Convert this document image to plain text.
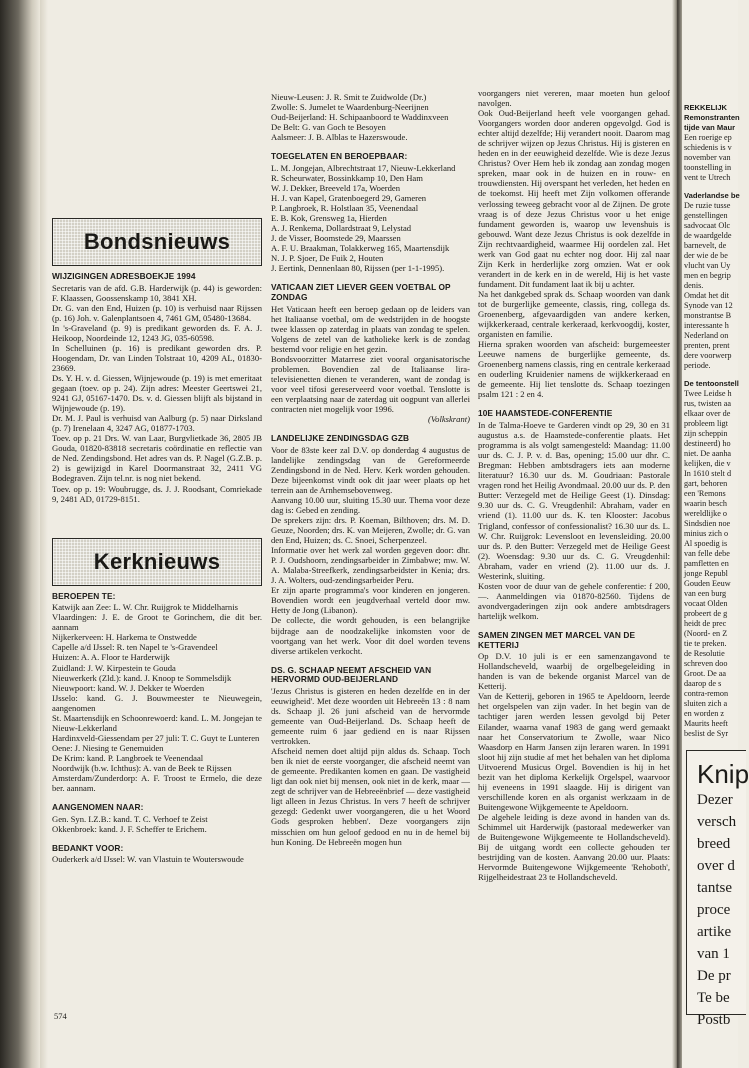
Bondsnieuws
WIJZIGINGEN ADRESBOEKJE 1994

Secretaris van de afd. G.B. Harderwijk (p. 44) is geworden: F. Klaassen, Goossenskamp 10, 3841 XH.

Dr. G. van den End, Huizen (p. 10) is verhuisd naar Rijssen (p. 16) Joh. v. Galenplantsoen 4, 7461 GM, 05480-13684.

In 's-Graveland (p. 9) is predikant geworden ds. F. A. J. Heikoop, Noordeinde 12, 1243 JG, 035-60598.

In Schelluinen (p. 16) is predikant geworden drs. P. Hoogendam, Dr. van Linden Tolstraat 10, 4209 AL, 01830-23669.

Ds. Y. H. v. d. Giessen, Wijnjewoude (p. 19) is met emeritaat gegaan (toev. op p. 24). Zijn adres: Meester Geertswei 21, 9241 GJ, 05167-1470. Ds. v. d. Giessen blijft als bijstand in Wijnjewoude (p. 19).

Dr. M. J. Paul is verhuisd van Aalburg (p. 5) naar Dirksland (p. 7) Irenelaan 4, 3247 AG, 01877-1703.

Toev. op p. 21 Drs. W. van Laar, Burgvlietkade 36, 2805 JB Gouda, 01820-83818 secretaris coördinatie en reflectie van de Ned. Zendingsbond. Het adres van ds. P. Nagel (G.Z.B. p. 2) is gewijzigd in Karel Doormanstraat 32, 2411 VG Bodegraven. Zijn tel.nr. is nog niet bekend.

Toev. op p. 19: Woubrugge, ds. J. J. Roodsant, Comriekade 9, 2481 AD, 01729-8151.

Kerknieuws
BEROEPEN TE:

Katwijk aan Zee: L. W. Chr. Ruijgrok te Middelharnis

Vlaardingen: J. E. de Groot te Gorinchem, die dit ber. aannam

Nijkerkerveen: H. Harkema te Onstwedde

Capelle a/d IJssel: R. ten Napel te 's-Gravendeel

Huizen: A. A. Floor te Harderwijk

Zuidland: J. W. Kirpestein te Gouda

Nieuwerkerk (Zld.): kand. J. Knoop te Sommelsdijk

Nieuwpoort: kand. W. J. Dekker te Woerden

IJsselo: kand. G. J. Bouwmeester te Nieuwegein, aangenomen

St. Maartensdijk en Schoonrewoerd: kand. L. M. Jongejan te Nieuw-Lekkerland

Hardinxveld-Giessendam per 27 juli: T. C. Guyt te Lunteren

Oene: J. Niesing te Genemuiden

De Krim: kand. P. Langbroek te Veenendaal

Noordwijk (b.w. Ichthus): A. van de Beek te Rijssen

Amsterdam/Zunderdorp: A. F. Troost te Ermelo, die deze ber. aannam.

AANGENOMEN NAAR:

Gen. Syn. I.Z.B.: kand. T. C. Verhoef te Zeist

Okkenbroek: kand. J. F. Scheffer te Erichem.

BEDANKT VOOR:

Ouderkerk a/d IJssel: W. van Vlastuin te Wouterswoude

Nieuw-Leusen: J. R. Smit te Zuidwolde (Dr.)

Zwolle: S. Jumelet te Waardenburg-Neerijnen

Oud-Beijerland: H. Schipaanboord te Waddinxveen

De Belt: G. van Goch te Besoyen

Aalsmeer: J. B. Alblas te Hazerswoude.

TOEGELATEN EN BEROEPBAAR:

L. M. Jongejan, Albrechtstraat 17, Nieuw-Lekkerland

R. Scheurwater, Bossinkkamp 10, Den Ham

W. J. Dekker, Breeveld 17a, Woerden

H. J. van Kapel, Gratenboegerd 29, Gameren

P. Langbroek, R. Holstlaan 35, Veenendaal

E. B. Kok, Grensweg 1a, Hierden

A. J. Renkema, Dollardstraat 9, Lelystad

J. de Visser, Boomstede 29, Maarssen

A. F. U. Braakman, Tolakkerweg 165, Maartensdijk

N. J. P. Sjoer, De Fuik 2, Houten

J. Eertink, Dennenlaan 80, Rijssen (per 1-1-1995).

VATICAAN ZIET LIEVER GEEN VOETBAL OP ZONDAG

Het Vaticaan heeft een beroep gedaan op de leiders van het Italiaanse voetbal, om de wedstrijden in de hoogste twee klassen op zaterdag in plaats van zondag te spelen. Volgens de zetel van de katholieke kerk is de zondag bestemd voor religie en het gezin.

Bondsvoorzitter Matarrese ziet vooral organisatorische problemen. Bovendien zal de Italiaanse lira-televisienetten dienen te veranderen, want de zondag is voor veel tifosi gereserveerd voor voetbal. Tenslotte is een verplaatsing naar de zaterdag uit oogpunt van allerlei contracten niet mogelijk voor 1996.

(Volkskrant)

LANDELIJKE ZENDINGSDAG GZB

Voor de 83ste keer zal D.V. op donderdag 4 augustus de landelijke zendingsdag van de Gereformeerde Zendingsbond in de Ned. Herv. Kerk worden gehouden. Deze bijeenkomst vindt ook dit jaar weer plaats op het terrein aan de Arnhemsebovenweg.

Aanvang 10.00 uur, sluiting 15.30 uur. Thema voor deze dag is: Gebed en zending.

De sprekers zijn: drs. P. Koeman, Bilthoven; drs. M. D. Geuze, Noorden; drs. K. van Meijeren, Zwolle; dr. G. van den End, Huizen; ds. C. Snoei, Scherpenzeel.

Informatie over het werk zal worden gegeven door: dhr. P. J. Oudshoorn, zendingsarbeider in Zimbabwe; mw. W. A. Malaba-Streefkerk, zendingsarbeidster in Kenia; drs. J. A. Wolters, oud-zendingsarbeider Peru.

Er zijn aparte programma's voor kinderen en jongeren. Bovendien wordt een jeugdverhaal verteld door mw. Hetty de Jong (Libanon).

De collecte, die wordt gehouden, is een belangrijke bijdrage aan de noodzakelijke inkomsten voor de voortgang van het werk. Voor dit doel worden tevens diverse artikelen verkocht.

DS. G. SCHAAP NEEMT AFSCHEID VAN HERVORMD OUD-BEIJERLAND

'Jezus Christus is gisteren en heden dezelfde en in der eeuwigheid'. Met deze woorden uit Hebreeën 13 : 8 nam ds. Schaap jl. 26 juni afscheid van de hervormde gemeente van Oud-Beijerland. Ds. Schaap heeft de gemeente ruim 6 jaar gediend en is naar Rijssen vertrokken.

Afscheid nemen doet altijd pijn aldus ds. Schaap. Toch ben ik niet de eerste voorganger, die afscheid neemt van de gemeente. Predikanten komen en gaan. De vastigheid ligt dan ook niet bij mensen, ook niet in de kerk, maar — zegt de schrijver van de Hebreeënbrief — deze vastigheid ligt alleen in Jezus Christus. In vers 7 heeft de schrijver gezegd: Gedenkt uwer voorgangeren, die u het Woord Gods gesproken hebben'. Deze voorgangers zijn misschien om hun geloof gedood en nu in de hemel bij hun Koning. De Hebreeën mogen hun

voorgangers niet vereren, maar moeten hun geloof navolgen.

Ook Oud-Beijerland heeft vele voorgangen gehad. Voorgangers worden door anderen opgevolgd. God is echter altijd dezelfde; Hij verandert nooit. Daarom mag de schrijver wijzen op Jezus Christus. Hij is gisteren en heden en in der eeuwigheid dezelfde. Wie is deze Jezus Christus? Over Hem heb ik zondag aan zondag mogen spreken, maar ook in de huizen en in rouw- en trouwdiensten. Hij overspant het verleden, het heden en de toekomst. Hij heeft met Zijn volkomen offerande verlossing teweeg gebracht voor al de Zijnen. De grote vraag is of deze Jezus Christus voor u het enige fundament geworden is, waarop uw levenshuis is gebouwd. Want deze Jezus Christus is ook dezelfde in Zijn rechtvaardigheid, waarmee Hij oordelen zal. Het werk van God gaat nu echter nog door. Hij zal naar Zijn Kerk in herderlijke zorg omzien. Wat er ook verandert in de kerk en in de wereld, Hij is het vaste fundament. Dit fundament laat ik bij u achter.

Na het dankgebed sprak ds. Schaap woorden van dank tot de burgerlijke gemeente, classis, ring, collega ds. Groenenberg, afgevaardigden van andere kerken, wijkkerkeraad, centrale kerkeraad, kerkvoogdij, koster, organisten en familie.

Hierna spraken woorden van afscheid: burgemeester Leeuwe namens de burgerlijke gemeente, ds. Groenenberg namens classis, ring en centrale kerkeraad en ouderling Kruidenier namens de wijkkerkeraad en de gemeente. Hij liet tenslotte ds. Schaap toezingen psalm 121 : 2 en 4.

10E HAAMSTEDE-CONFERENTIE

In de Talma-Hoeve te Garderen vindt op 29, 30 en 31 augustus a.s. de Haamstede-conferentie plaats. Het programma is als volgt samengesteld: Maandag: 11.00 uur ds. C. J. P. v. d. Bas, opening; 15.00 uur dhr. C. Bregman: Hebben ambtsdragers iets aan moderne literatuur? 16.30 uur ds. M. Goudriaan: Pastorale vragen rond het Heilig Avondmaal. 20.00 uur ds. P. den Butter: Verzegeld met de Heilige Geest (1). Dinsdag: 9.30 uur ds. C. G. Vreugdenhil: Abraham, vader en vriend (1). 11.00 uur ds. K. ten Klooster: Jacobus Trigland, confessor of confessionalist? 16.30 uur ds. L. W. Chr. Ruijgrok: Levensloot en levensleiding. 20.00 uur ds. P. den Butter: Verzegeld met de Heilige Geest (2). Woensdag: 9.30 uur ds. C. G. Vreugdenhil: Abraham, vader en vriend (2). 11.00 uur ds. J. Westerink, sluiting.

Kosten voor de duur van de gehele conferentie: f 200,—. Aanmeldingen via 01870-82560. Tijdens de avondvergaderingen zijn ook andere ambtsdragers hartelijk welkom.

SAMEN ZINGEN MET MARCEL VAN DE KETTERIJ

Op D.V. 10 juli is er een samenzangavond te Hollandscheveld, waarbij de orgelbegeleiding in handen is van de bekende organist Marcel van de Ketterij.

Van de Ketterij, geboren in 1965 te Apeldoorn, leerde het orgelspelen van zijn vader. In het begin van de tachtiger jaren werden lessen gevolgd bij Peter Eilander, waarna vanaf 1983 de gang werd gemaakt naar het Conservatorium te Zwolle, waar Nico Waasdorp en Harm Jansen zijn leraren waren. In 1991 sloot hij zijn studie af met het behalen van het diploma Uitvoerend Musicus Orgel. Bovendien is hij in het bezit van het diploma Kerkelijk Orgelspel, waarvoor hij eveneens in 1991 slaagde. Hij is dirigent van verschillende koren en als organist werkzaam in de Buitengewone Wijkgemeente te Apeldoorn.

De algehele leiding is deze avond in handen van ds. Schimmel uit Harderwijk (pastoraal medewerker van de Buitengewone Wijkgemeente te Hollandscheveld). Bij de uitgang wordt een collecte gehouden ter bestrijding van de kosten. Aanvang 20.00 uur. Plaats: Hervormde Buitengewone Wijkgemeente 'Rehoboth', Rijgelheidestraat 23 te Hollandscheveld.

574
REKKELIJK
Remonstranten
tijde van Maur
Een roerige ep
schiedenis is v
november van
toonstelling in
vent te Utrech

Vaderlandse be

De ruzie tusse
genstellingen
sadvocaat Olc
de waardgelde
barnevelt, de
der wie de be
vlucht van Uy
men en begrip
denis.
Omdat het dit
Synode van 12
monstrantse B
interessante h
Nederland on
prenten, prent
dere voorwerp
periode.

De tentoonstell

Twee Leidse h
rus, twisten aa
elkaar over de
probleem ligt
zijn scheppin
destineerd) ho
niet. De aanha
kelijken, die v
In 1610 stelt d
gart, behoren
een 'Remons
waarin besch
wereldlijke o
Sindsdien noe
minius zich o
Al spoedig is
van felle debe
pamfletten en
jonge Republ
Gouden Eeuw
van een burg
vocaat Olden
probeert de g
heidt de prec
(Noord- en Z
tie te preken.
de Resolutie
schreven doo
Groot. De aa
daarop de s
contra-remon
sluiten zich a
en worden z
Maurits heeft
beslist de Syr
Knip

Dezer

versch

breed

over d

tantse

proce

artike

van 1

De pr

Te be

Postb
